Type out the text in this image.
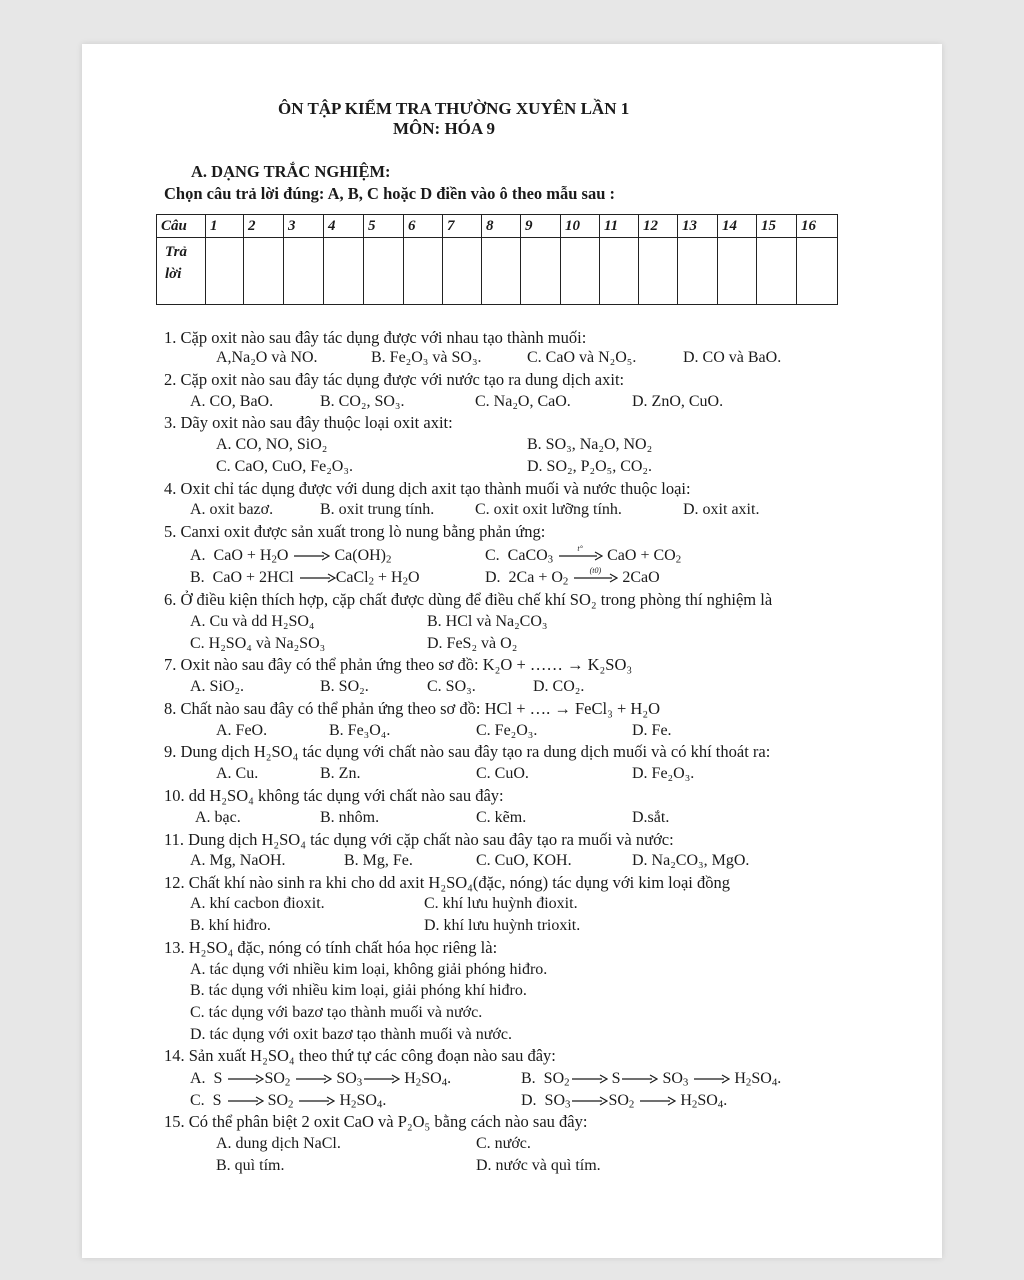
ÔN TẬP KIỂM TRA THƯỜNG XUYÊN LẦN 1
MÔN: HÓA 9
A. DẠNG TRẮC NGHIỆM:
Chọn câu trả lời đúng: A, B, C hoặc D điền vào ô theo mẫu sau :
Câu	1	2	3	4	5	6	7	8	9	10	11	12	13	14	15	16
Trả
lời																
1. Cặp oxit nào sau đây tác dụng được với nhau tạo thành muối:
A,Na₂O và NO.	B. Fe₂O₃ và SO₃.	C. CaO và N₂O₅.	D. CO và BaO.
2. Cặp oxit nào sau đây tác dụng được với nước tạo ra dung dịch axit:
A. CO, BaO.	B. CO₂, SO₃.	C. Na₂O, CaO.	D. ZnO, CuO.
3. Dãy oxit nào sau đây thuộc loại oxit axit:
A. CO, NO, SiO₂	B. SO₃, Na₂O, NO₂
C. CaO, CuO, Fe₂O₃.	D. SO₂, P₂O₅, CO₂.
4. Oxit chỉ tác dụng được với dung dịch axit tạo thành muối và nước thuộc loại:
A. oxit bazơ.	B. oxit trung tính.	C. oxit oxit lưỡng tính.	D. oxit axit.
5. Canxi oxit được sản xuất trong lò nung bằng phản ứng:
A.  CaO + $H_2O \to Ca(OH)_2$	C.  CaCO$_3$
t°	CaO + $CO_2$
B.  CaO + 2HCl →CaCl$_2$ + $H_2O$	D.  $2Ca + O_2$
(t0)	2CaO
6. Ở điều kiện thích hợp, cặp chất được dùng để điều chế khí SO₂ trong phòng thí nghiệm là
A. Cu và dd H₂SO₄	B. HCl và Na₂CO₃
C. H₂SO₄ và Na₂SO₃	D. FeS₂ và O₂
7. Oxit nào sau đây có thể phản ứng theo sơ đồ: K₂O + …… → K₂SO₃
A. SiO₂.	B. SO₂.	C. SO₃.	D. CO₂.
8. Chất nào sau đây có thể phản ứng theo sơ đồ: HCl + …. → FeCl₃ + H₂O
A. FeO.	B. Fe₃O₄.	C. Fe₂O₃.	D. Fe.
9. Dung dịch H₂SO₄ tác dụng với chất nào sau đây tạo ra dung dịch muối và có khí thoát ra:
A. Cu.	B. Zn.	C. CuO.	D. Fe₂O₃.
10. dd H₂SO₄ không tác dụng với chất nào sau đây:
A. bạc.	B. nhôm.	C. kẽm.	D.sắt.
11. Dung dịch H₂SO₄ tác dụng với cặp chất nào sau đây tạo ra muối và nước:
A. Mg, NaOH.	B. Mg, Fe.	C. CuO, KOH.	D. Na₂CO₃, MgO.
12. Chất khí nào sinh ra khi cho dd axit H₂SO₄(đặc, nóng) tác dụng với kim loại đồng
A. khí cacbon đioxit.	C. khí lưu huỳnh đioxit.
B. khí hiđro.	D. khí lưu huỳnh trioxit.
13. H₂SO₄ đặc, nóng có tính chất hóa học riêng là:
A. tác dụng với nhiều kim loại, không giải phóng hiđro.
B. tác dụng với nhiều kim loại, giải phóng khí hiđro.
C. tác dụng với bazơ tạo thành muối và nước.
D. tác dụng với oxit bazơ tạo thành muối và nước.
14. Sản xuất H₂SO₄ theo thứ tự các công đoạn nào sau đây:
A.  $S \to SO_2 \to SO_3\to H_2SO_4$.	B.  $SO_2\to S\to SO_3 \to H_2SO_4$.
C.  $S \to SO_2 \to H_2SO_4$.	D.  $SO_3\to SO_2 \to H_2SO_4$.
15. Có thể phân biệt 2 oxit CaO và P₂O₅ bằng cách nào sau đây:
A. dung dịch NaCl.	C. nước.
B. quì tím.	D. nước và quì tím.
